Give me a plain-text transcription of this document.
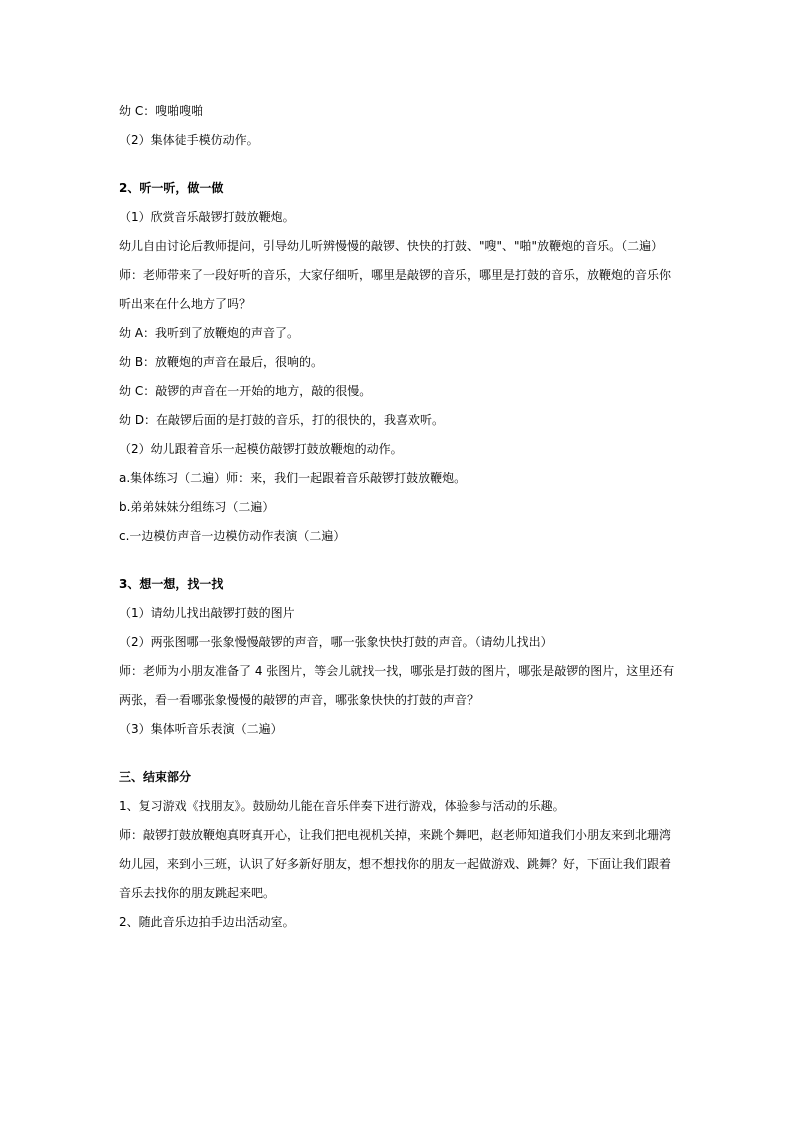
幼 C：嗖啪嗖啪
（2）集体徒手模仿动作。
2、听一听，做一做
（1）欣赏音乐敲锣打鼓放鞭炮。
幼儿自由讨论后教师提问，引导幼儿听辨慢慢的敲锣、快快的打鼓、"嗖"、"啪"放鞭炮的音乐。（二遍）
师：老师带来了一段好听的音乐，大家仔细听，哪里是敲锣的音乐，哪里是打鼓的音乐，放鞭炮的音乐你
听出来在什么地方了吗？
幼 A：我听到了放鞭炮的声音了。
幼 B：放鞭炮的声音在最后，很响的。
幼 C：敲锣的声音在一开始的地方，敲的很慢。
幼 D：在敲锣后面的是打鼓的音乐，打的很快的，我喜欢听。
（2）幼儿跟着音乐一起模仿敲锣打鼓放鞭炮的动作。
a.集体练习（二遍）师：来，我们一起跟着音乐敲锣打鼓放鞭炮。
b.弟弟妹妹分组练习（二遍）
c.一边模仿声音一边模仿动作表演（二遍）
3、想一想，找一找
（1）请幼儿找出敲锣打鼓的图片
（2）两张图哪一张象慢慢敲锣的声音，哪一张象快快打鼓的声音。（请幼儿找出）
师：老师为小朋友准备了 4 张图片，等会儿就找一找，哪张是打鼓的图片，哪张是敲锣的图片，这里还有
两张，看一看哪张象慢慢的敲锣的声音，哪张象快快的打鼓的声音？
（3）集体听音乐表演（二遍）
三、结束部分
1、复习游戏《找朋友》。鼓励幼儿能在音乐伴奏下进行游戏，体验参与活动的乐趣。
师：敲锣打鼓放鞭炮真呀真开心，让我们把电视机关掉，来跳个舞吧，赵老师知道我们小朋友来到北珊湾
幼儿园，来到小三班，认识了好多新好朋友，想不想找你的朋友一起做游戏、跳舞？好，下面让我们跟着
音乐去找你的朋友跳起来吧。
2、随此音乐边拍手边出活动室。
